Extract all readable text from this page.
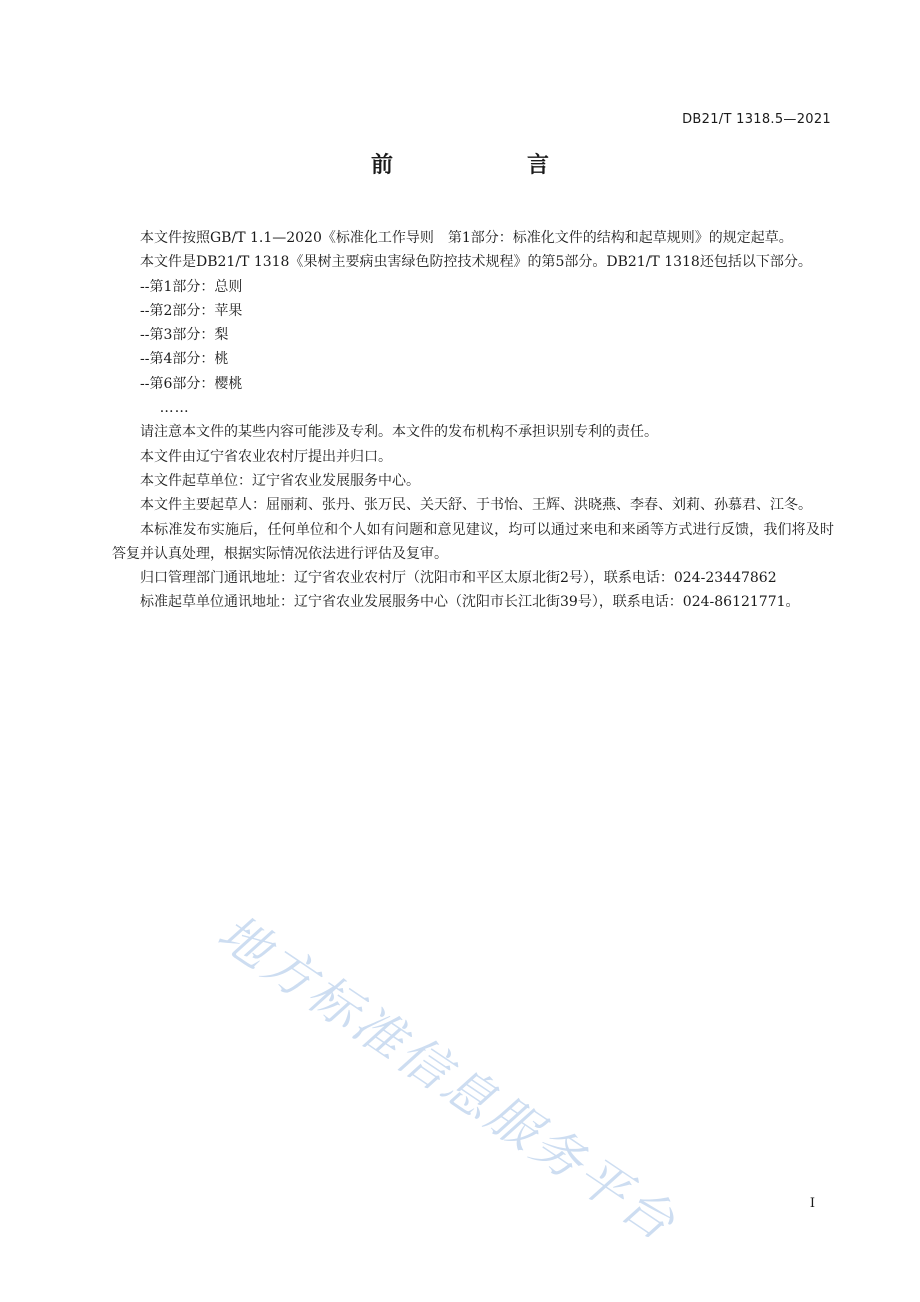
DB21/T 1318.5—2021
前　言

本文件按照GB/T 1.1—2020《标准化工作导则　第1部分：标准化文件的结构和起草规则》的规定起草。

本文件是DB21/T 1318《果树主要病虫害绿色防控技术规程》的第5部分。DB21/T 1318还包括以下部分。

--第1部分：总则

--第2部分：苹果

--第3部分：梨

--第4部分：桃

--第6部分：樱桃

……

请注意本文件的某些内容可能涉及专利。本文件的发布机构不承担识别专利的责任。

本文件由辽宁省农业农村厅提出并归口。

本文件起草单位：辽宁省农业发展服务中心。

本文件主要起草人：屈丽莉、张丹、张万民、关天舒、于书怡、王辉、洪晓燕、李春、刘莉、孙慕君、江冬。

本标准发布实施后，任何单位和个人如有问题和意见建议，均可以通过来电和来函等方式进行反馈，我们将及时答复并认真处理，根据实际情况依法进行评估及复审。

归口管理部门通讯地址：辽宁省农业农村厅（沈阳市和平区太原北街2号），联系电话：024-23447862

标准起草单位通讯地址：辽宁省农业发展服务中心（沈阳市长江北街39号），联系电话：024-86121771。

地方标准信息服务平台	I
